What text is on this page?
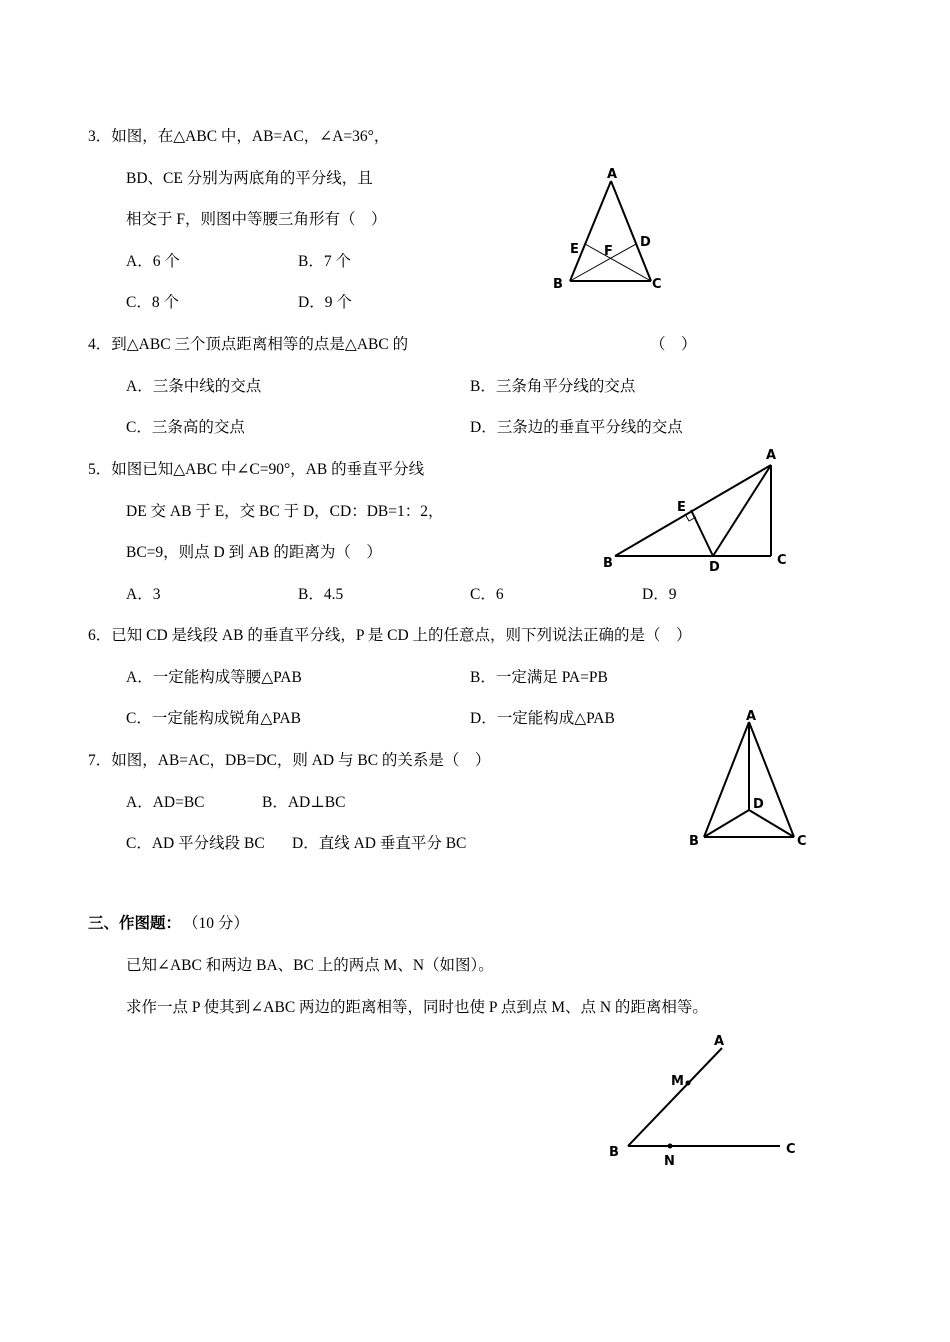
3．如图，在△ABC 中，AB=AC，∠A=36°，
BD、CE 分别为两底角的平分线，且
相交于 F，则图中等腰三角形有（　）
A．6 个	B．7 个
C．8 个	D．9 个
A
B	C
D
E F
4．到△ABC 三个顶点距离相等的点是△ABC 的	（　）
A．三条中线的交点	B．三条角平分线的交点
C．三条高的交点	D．三条边的垂直平分线的交点
5．如图已知△ABC 中∠C=90°，AB 的垂直平分线
DE 交 AB 于 E，交 BC 于 D，CD：DB=1：2，
BC=9，则点 D 到 AB 的距离为（　）
A．3	B．4.5	C．6	D．9
A
B	C
D
E
6．已知 CD 是线段 AB 的垂直平分线，P 是 CD 上的任意点，则下列说法正确的是（　）
A．一定能构成等腰△PAB	B．一定满足 PA=PB
C．一定能构成锐角△PAB	D．一定能构成△PAB
7．如图，AB=AC，DB=DC，则 AD 与 BC 的关系是（　）
A．AD=BC	B．AD⊥BC
C．AD 平分线段 BC D．直线 AD 垂直平分 BC
A
B	C
D
三、作图题： （10 分）
已知∠ABC 和两边 BA、BC 上的两点 M、N（如图）。
求作一点 P 使其到∠ABC 两边的距离相等，同时也使 P 点到点 M、点 N 的距离相等。
A
B	C
M
N
